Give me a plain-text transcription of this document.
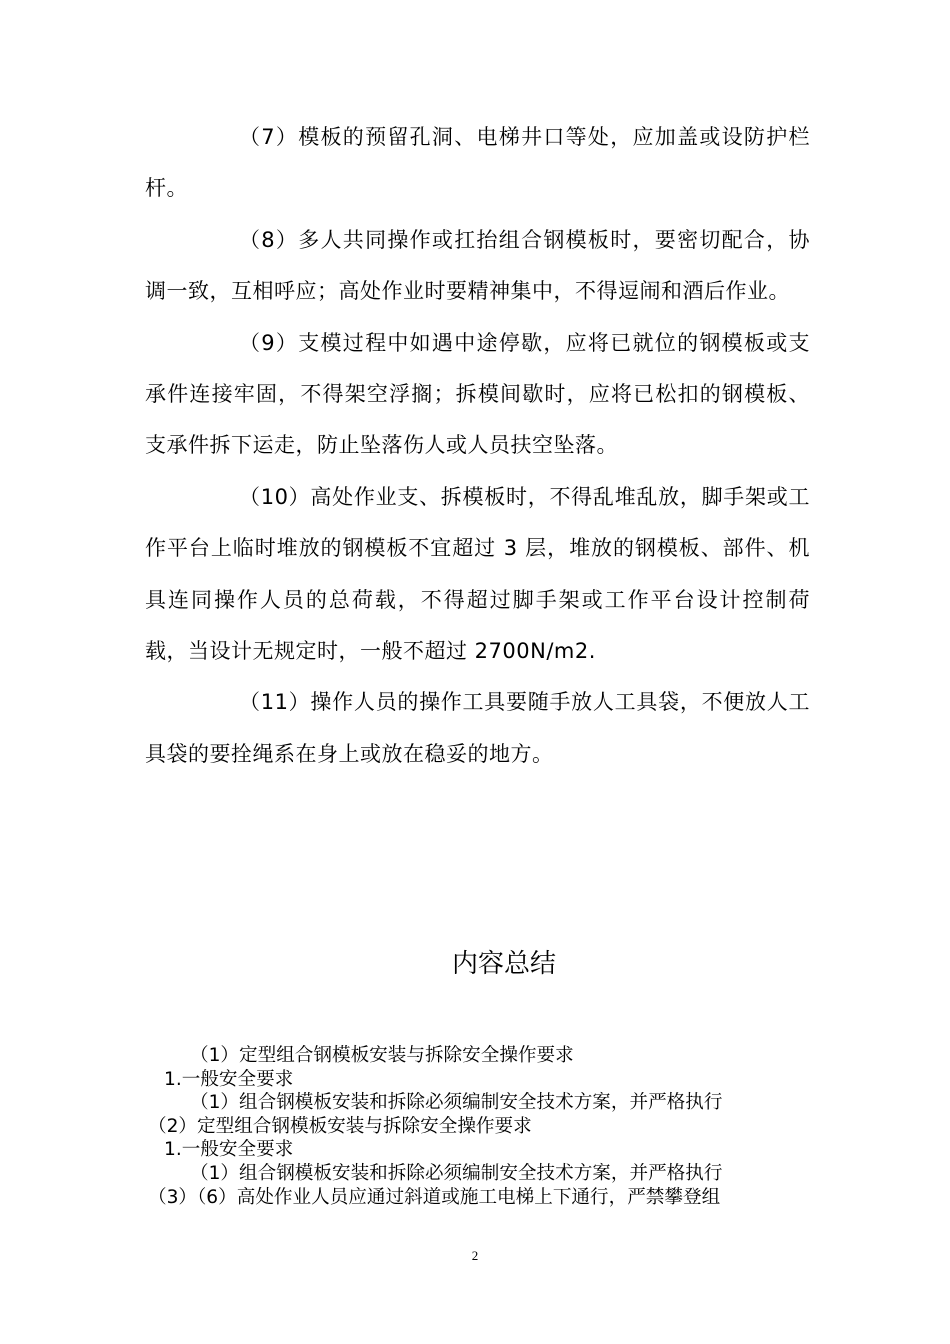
（7）模板的预留孔洞、电梯井口等处，应加盖或设防护栏杆。

（8）多人共同操作或扛抬组合钢模板时，要密切配合，协调一致，互相呼应；高处作业时要精神集中，不得逗闹和酒后作业。

（9）支模过程中如遇中途停歇，应将已就位的钢模板或支承件连接牢固，不得架空浮搁；拆模间歇时，应将已松扣的钢模板、支承件拆下运走，防止坠落伤人或人员扶空坠落。

（10）高处作业支、拆模板时，不得乱堆乱放，脚手架或工作平台上临时堆放的钢模板不宜超过 3 层，堆放的钢模板、部件、机具连同操作人员的总荷载，不得超过脚手架或工作平台设计控制荷载，当设计无规定时，一般不超过 2700N/m2.

（11）操作人员的操作工具要随手放人工具袋，不便放人工具袋的要拴绳系在身上或放在稳妥的地方。

内容总结
（1）定型组合钢模板安装与拆除安全操作要求
1.一般安全要求
（1）组合钢模板安装和拆除必须编制安全技术方案，并严格执行
（2）定型组合钢模板安装与拆除安全操作要求
1.一般安全要求
（1）组合钢模板安装和拆除必须编制安全技术方案，并严格执行
（3）（6）高处作业人员应通过斜道或施工电梯上下通行，严禁攀登组
2
